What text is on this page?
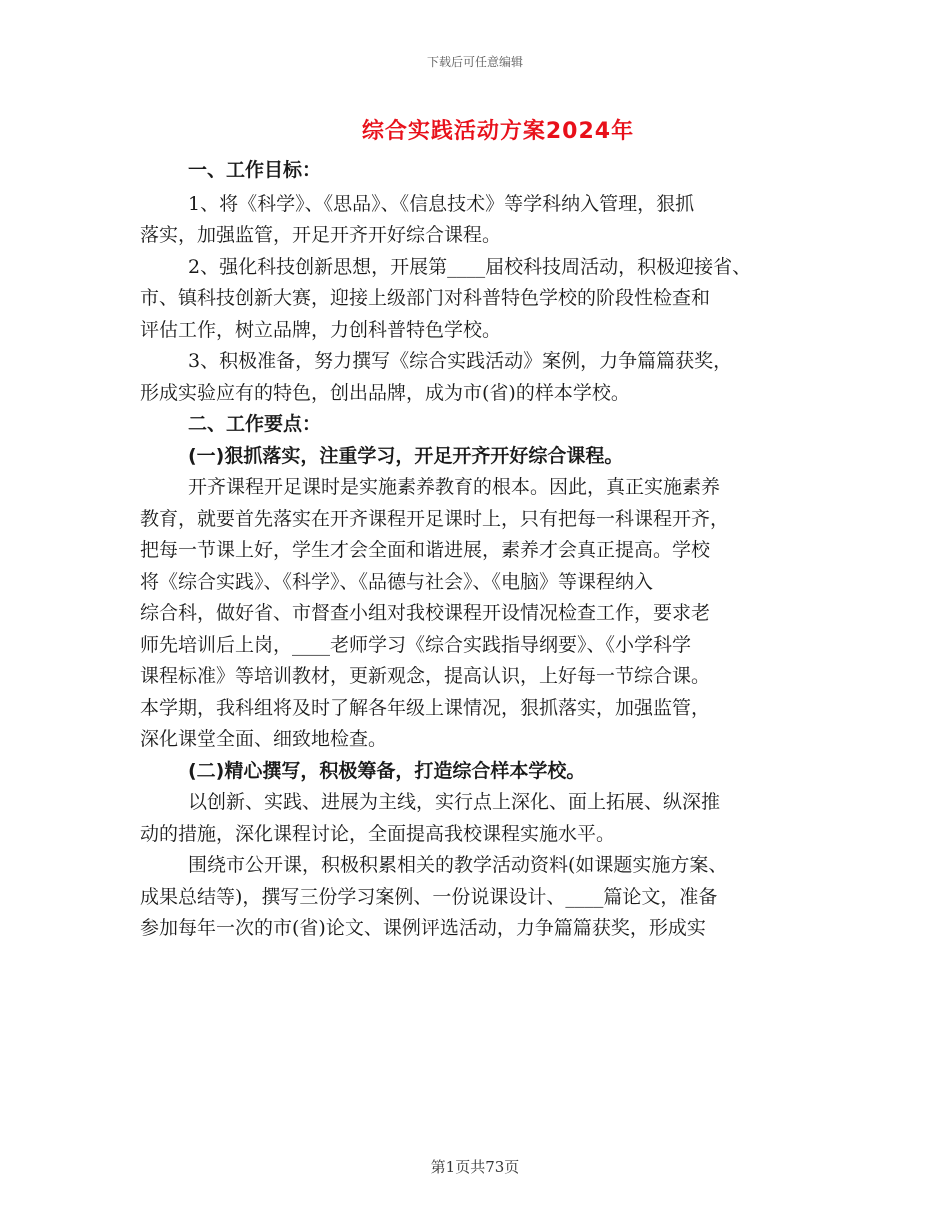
下载后可任意编辑
综合实践活动方案2024年

一、工作目标：

1、将《科学》、《思品》、《信息技术》等学科纳入管理，狠抓
落实，加强监管，开足开齐开好综合课程。

2、强化科技创新思想，开展第____届校科技周活动，积极迎接省、
市、镇科技创新大赛，迎接上级部门对科普特色学校的阶段性检查和
评估工作，树立品牌，力创科普特色学校。

3、积极准备，努力撰写《综合实践活动》案例，力争篇篇获奖，
形成实验应有的特色，创出品牌，成为市(省)的样本学校。

二、工作要点：

(一)狠抓落实，注重学习，开足开齐开好综合课程。

开齐课程开足课时是实施素养教育的根本。因此，真正实施素养
教育，就要首先落实在开齐课程开足课时上，只有把每一科课程开齐，
把每一节课上好，学生才会全面和谐进展，素养才会真正提高。学校
将《综合实践》、《科学》、《品德与社会》、《电脑》等课程纳入
综合科，做好省、市督查小组对我校课程开设情况检查工作，要求老
师先培训后上岗，____老师学习《综合实践指导纲要》、《小学科学
课程标准》等培训教材，更新观念，提高认识，上好每一节综合课。
本学期，我科组将及时了解各年级上课情况，狠抓落实，加强监管，
深化课堂全面、细致地检查。

(二)精心撰写，积极筹备，打造综合样本学校。

以创新、实践、进展为主线，实行点上深化、面上拓展、纵深推
动的措施，深化课程讨论，全面提高我校课程实施水平。

围绕市公开课，积极积累相关的教学活动资料(如课题实施方案、
成果总结等)，撰写三份学习案例、一份说课设计、____篇论文，准备
参加每年一次的市(省)论文、课例评选活动，力争篇篇获奖，形成实

第1页共73页
